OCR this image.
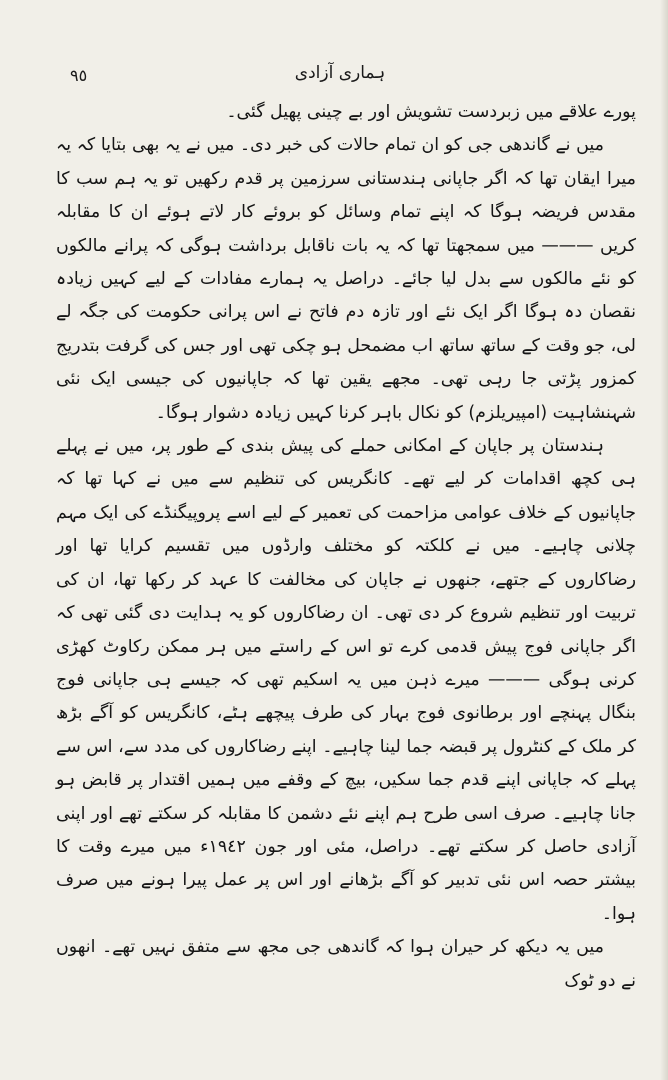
٩٥	ہماری آزادی

پورے علاقے میں زبردست تشویش اور بے چینی پھیل گئی۔

میں نے گاندھی جی کو ان تمام حالات کی خبر دی۔ میں نے یہ بھی بتایا کہ یہ میرا ایقان تھا کہ اگر جاپانی ہندستانی سرزمین پر قدم رکھیں تو یہ ہم سب کا مقدس فریضہ ہوگا کہ اپنے تمام وسائل کو بروئے کار لاتے ہوئے ان کا مقابلہ کریں ——— میں سمجھتا تھا کہ یہ بات ناقابل برداشت ہوگی کہ پرانے مالکوں کو نئے مالکوں سے بدل لیا جائے۔ دراصل یہ ہمارے مفادات کے لیے کہیں زیادہ نقصان دہ ہوگا اگر ایک نئے اور تازہ دم فاتح نے اس پرانی حکومت کی جگہ لے لی، جو وقت کے ساتھ ساتھ اب مضمحل ہو چکی تھی اور جس کی گرفت بتدریج کمزور پڑتی جا رہی تھی۔ مجھے یقین تھا کہ جاپانیوں کی جیسی ایک نئی شہنشاہیت (امپیریلزم) کو نکال باہر کرنا کہیں زیادہ دشوار ہوگا۔

ہندستان پر جاپان کے امکانی حملے کی پیش بندی کے طور پر، میں نے پہلے ہی کچھ اقدامات کر لیے تھے۔ کانگریس کی تنظیم سے میں نے کہا تھا کہ جاپانیوں کے خلاف عوامی مزاحمت کی تعمیر کے لیے اسے پروپیگنڈے کی ایک مہم چلانی چاہیے۔ میں نے کلکتہ کو مختلف وارڈوں میں تقسیم کرایا تھا اور رضاکاروں کے جتھے، جنھوں نے جاپان کی مخالفت کا عہد کر رکھا تھا، ان کی تربیت اور تنظیم شروع کر دی تھی۔ ان رضاکاروں کو یہ ہدایت دی گئی تھی کہ اگر جاپانی فوج پیش قدمی کرے تو اس کے راستے میں ہر ممکن رکاوٹ کھڑی کرنی ہوگی ——— میرے ذہن میں یہ اسکیم تھی کہ جیسے ہی جاپانی فوج بنگال پہنچے اور برطانوی فوج بہار کی طرف پیچھے ہٹے، کانگریس کو آگے بڑھ کر ملک کے کنٹرول پر قبضہ جما لینا چاہیے۔ اپنے رضاکاروں کی مدد سے، اس سے پہلے کہ جاپانی اپنے قدم جما سکیں، بیچ کے وقفے میں ہمیں اقتدار پر قابض ہو جانا چاہیے۔ صرف اسی طرح ہم اپنے نئے دشمن کا مقابلہ کر سکتے تھے اور اپنی آزادی حاصل کر سکتے تھے۔ دراصل، مئی اور جون ١٩٤٢ء میں میرے وقت کا بیشتر حصہ اس نئی تدبیر کو آگے بڑھانے اور اس پر عمل پیرا ہونے میں صرف ہوا۔

میں یہ دیکھ کر حیران ہوا کہ گاندھی جی مجھ سے متفق نہیں تھے۔ انھوں نے دو ٹوک
